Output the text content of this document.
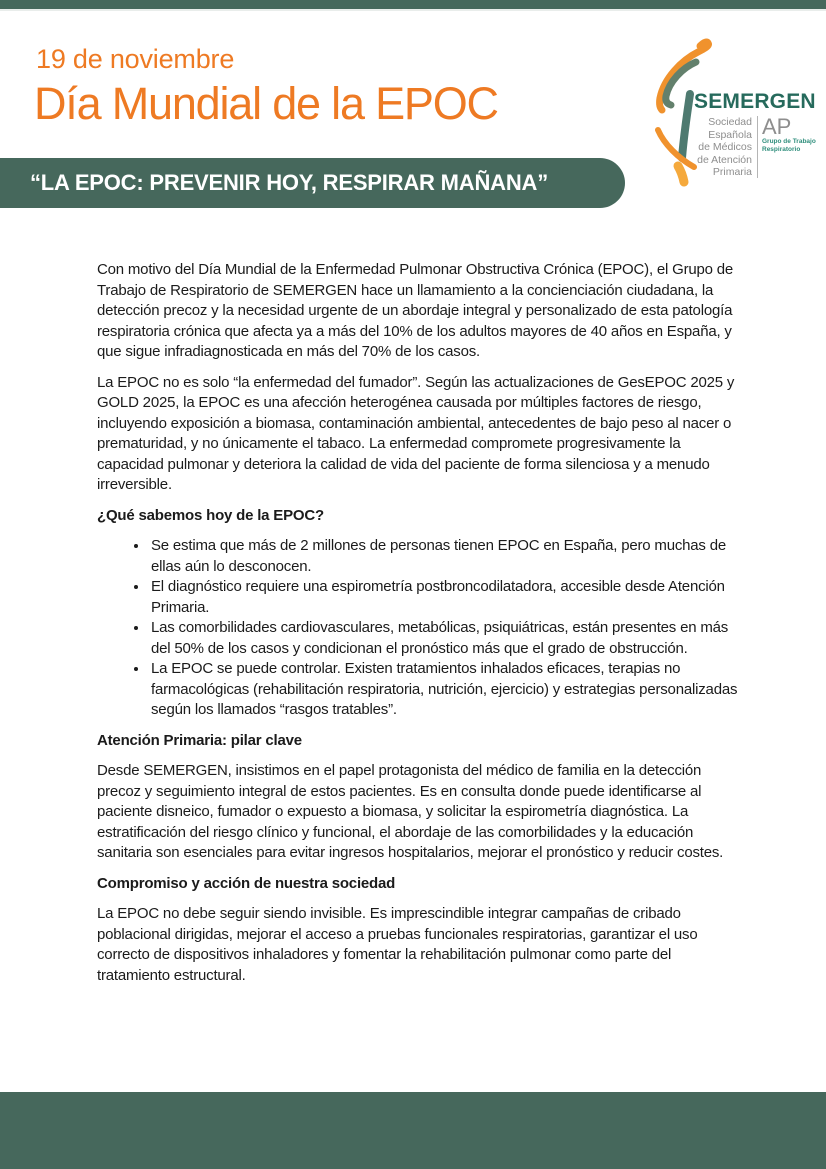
19 de noviembre
Día Mundial de la EPOC	SEMERGEN
Sociedad
Española
de Médicos
de Atención
Primaria
AP
Grupo de Trabajo
Respiratorio
“LA EPOC: PREVENIR HOY, RESPIRAR MAÑANA”

Con motivo del Día Mundial de la Enfermedad Pulmonar Obstructiva Crónica (EPOC), el Grupo de Trabajo de Respiratorio de SEMERGEN hace un llamamiento a la concienciación ciudadana, la detección precoz y la necesidad urgente de un abordaje integral y personalizado de esta patología respiratoria crónica que afecta ya a más del 10% de los adultos mayores de 40 años en España, y que sigue infradiagnosticada en más del 70% de los casos.

La EPOC no es solo “la enfermedad del fumador”. Según las actualizaciones de GesEPOC 2025 y GOLD 2025, la EPOC es una afección heterogénea causada por múltiples factores de riesgo, incluyendo exposición a biomasa, contaminación ambiental, antecedentes de bajo peso al nacer o prematuridad, y no únicamente el tabaco. La enfermedad compromete progresivamente la capacidad pulmonar y deteriora la calidad de vida del paciente de forma silenciosa y a menudo irreversible.

¿Qué sabemos hoy de la EPOC?
• Se estima que más de 2 millones de personas tienen EPOC en España, pero muchas de ellas aún lo desconocen.
• El diagnóstico requiere una espirometría postbroncodilatadora, accesible desde Atención Primaria.
• Las comorbilidades cardiovasculares, metabólicas, psiquiátricas, están presentes en más del 50% de los casos y condicionan el pronóstico más que el grado de obstrucción.
• La EPOC se puede controlar. Existen tratamientos inhalados eficaces, terapias no farmacológicas (rehabilitación respiratoria, nutrición, ejercicio) y estrategias personalizadas según los llamados “rasgos tratables”.
Atención Primaria: pilar clave

Desde SEMERGEN, insistimos en el papel protagonista del médico de familia en la detección precoz y seguimiento integral de estos pacientes. Es en consulta donde puede identificarse al paciente disneico, fumador o expuesto a biomasa, y solicitar la espirometría diagnóstica. La estratificación del riesgo clínico y funcional, el abordaje de las comorbilidades y la educación sanitaria son esenciales para evitar ingresos hospitalarios, mejorar el pronóstico y reducir costes.

Compromiso y acción de nuestra sociedad

La EPOC no debe seguir siendo invisible. Es imprescindible integrar campañas de cribado poblacional dirigidas, mejorar el acceso a pruebas funcionales respiratorias, garantizar el uso correcto de dispositivos inhaladores y fomentar la rehabilitación pulmonar como parte del tratamiento estructural.
